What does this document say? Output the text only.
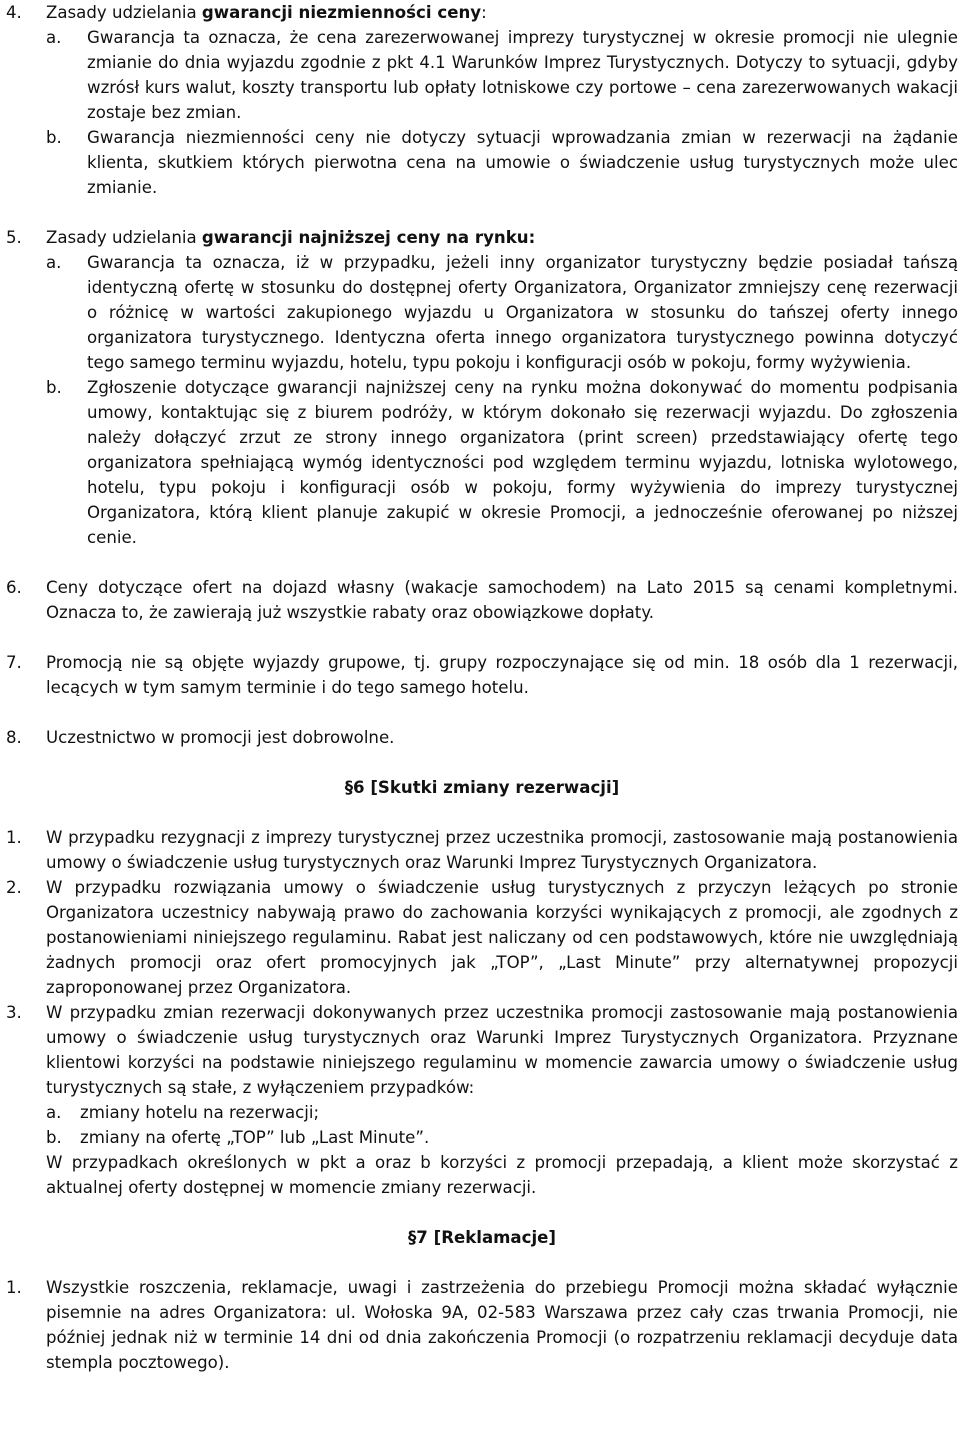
4.	Zasady udzielania gwarancji niezmienności ceny:
a.	Gwarancja ta oznacza, że cena zarezerwowanej imprezy turystycznej w okresie promocji nie ulegnie zmianie do dnia wyjazdu zgodnie z pkt 4.1 Warunków Imprez Turystycznych. Dotyczy to sytuacji, gdyby wzrósł kurs walut, koszty transportu lub opłaty lotniskowe czy portowe – cena zarezerwowanych wakacji zostaje bez zmian.
b.	Gwarancja niezmienności ceny nie dotyczy sytuacji wprowadzania zmian w rezerwacji na żądanie klienta, skutkiem których pierwotna cena na umowie o świadczenie usług turystycznych może ulec zmianie.
5.	Zasady udzielania gwarancji najniższej ceny na rynku:
a.	Gwarancja ta oznacza, iż w przypadku, jeżeli inny organizator turystyczny będzie posiadał tańszą identyczną ofertę w stosunku do dostępnej oferty Organizatora, Organizator zmniejszy cenę rezerwacji o różnicę w wartości zakupionego wyjazdu u Organizatora w stosunku do tańszej oferty innego organizatora turystycznego. Identyczna oferta innego organizatora turystycznego powinna dotyczyć tego samego terminu wyjazdu, hotelu, typu pokoju i konfiguracji osób w pokoju, formy wyżywienia.
b.	Zgłoszenie dotyczące gwarancji najniższej ceny na rynku można dokonywać do momentu podpisania umowy, kontaktując się z biurem podróży, w którym dokonało się rezerwacji wyjazdu. Do zgłoszenia należy dołączyć zrzut ze strony innego organizatora (print screen) przedstawiający ofertę tego organizatora spełniającą wymóg identyczności pod względem terminu wyjazdu, lotniska wylotowego, hotelu, typu pokoju i konfiguracji osób w pokoju, formy wyżywienia do imprezy turystycznej Organizatora, którą klient planuje zakupić w okresie Promocji, a jednocześnie oferowanej po niższej cenie.
6.	Ceny dotyczące ofert na dojazd własny (wakacje samochodem) na Lato 2015 są cenami kompletnymi. Oznacza to, że zawierają już wszystkie rabaty oraz obowiązkowe dopłaty.
7.	Promocją nie są objęte wyjazdy grupowe, tj. grupy rozpoczynające się od min. 18 osób dla 1 rezerwacji, lecących w tym samym terminie i do tego samego hotelu.
8.	Uczestnictwo w promocji jest dobrowolne.

§6 [Skutki zmiany rezerwacji]

1.	W przypadku rezygnacji z imprezy turystycznej przez uczestnika promocji, zastosowanie mają postanowienia umowy o świadczenie usług turystycznych oraz Warunki Imprez Turystycznych Organizatora.
2.	W przypadku rozwiązania umowy o świadczenie usług turystycznych z przyczyn leżących po stronie Organizatora uczestnicy nabywają prawo do zachowania korzyści wynikających z promocji, ale zgodnych z postanowieniami niniejszego regulaminu. Rabat jest naliczany od cen podstawowych, które nie uwzględniają żadnych promocji oraz ofert promocyjnych jak „TOP”, „Last Minute” przy alternatywnej propozycji zaproponowanej przez Organizatora.
3.	W przypadku zmian rezerwacji dokonywanych przez uczestnika promocji zastosowanie mają postanowienia umowy o świadczenie usług turystycznych oraz Warunki Imprez Turystycznych Organizatora. Przyznane klientowi korzyści na podstawie niniejszego regulaminu w momencie zawarcia umowy o świadczenie usług turystycznych są stałe, z wyłączeniem przypadków:
a.	zmiany hotelu na rezerwacji;
b.	zmiany na ofertę „TOP” lub „Last Minute”.
W przypadkach określonych w pkt a oraz b korzyści z promocji przepadają, a klient może skorzystać z aktualnej oferty dostępnej w momencie zmiany rezerwacji.

§7 [Reklamacje]

1.	Wszystkie roszczenia, reklamacje, uwagi i zastrzeżenia do przebiegu Promocji można składać wyłącznie pisemnie na adres Organizatora: ul. Wołoska 9A, 02-583 Warszawa przez cały czas trwania Promocji, nie później jednak niż w terminie 14 dni od dnia zakończenia Promocji (o rozpatrzeniu reklamacji decyduje data stempla pocztowego).
